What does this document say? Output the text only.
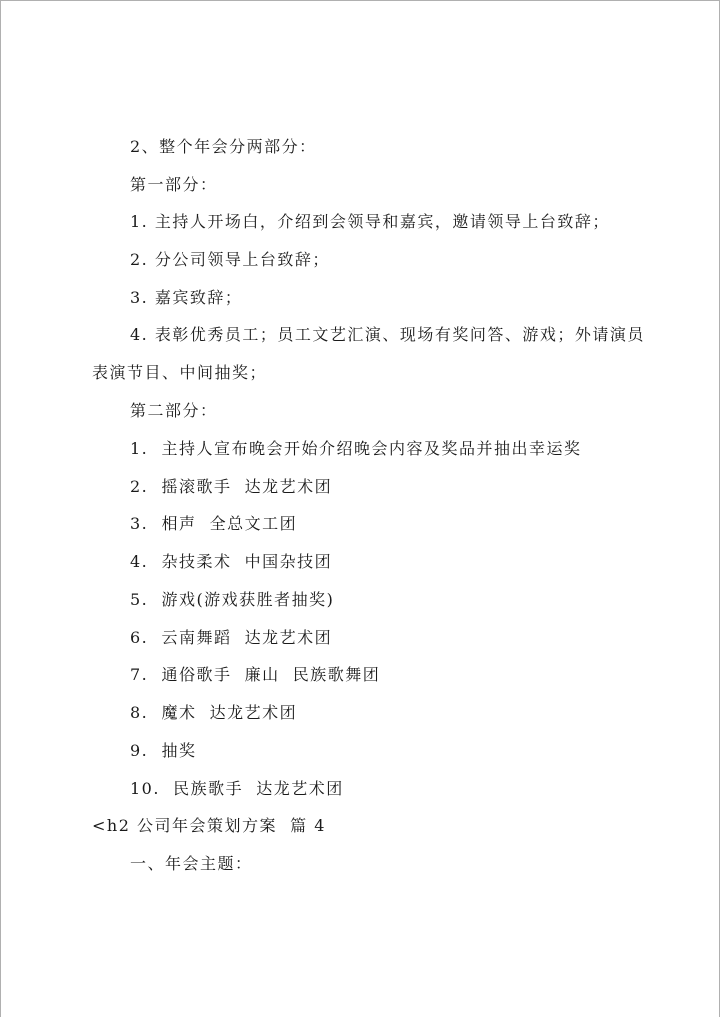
2、整个年会分两部分：
第一部分：
1. 主持人开场白，介绍到会领导和嘉宾，邀请领导上台致辞；
2. 分公司领导上台致辞；
3. 嘉宾致辞；
4. 表彰优秀员工；员工文艺汇演、现场有奖问答、游戏；外请演员
表演节目、中间抽奖；
第二部分：
1.  主持人宣布晚会开始介绍晚会内容及奖品并抽出幸运奖
2.  摇滚歌手  达龙艺术团
3.  相声  全总文工团
4.  杂技柔术  中国杂技团
5.  游戏(游戏获胜者抽奖)
6.  云南舞蹈  达龙艺术团
7.  通俗歌手  廉山  民族歌舞团
8.  魔术  达龙艺术团
9.  抽奖
10.  民族歌手  达龙艺术团
<h2 公司年会策划方案  篇 4
一、年会主题：
